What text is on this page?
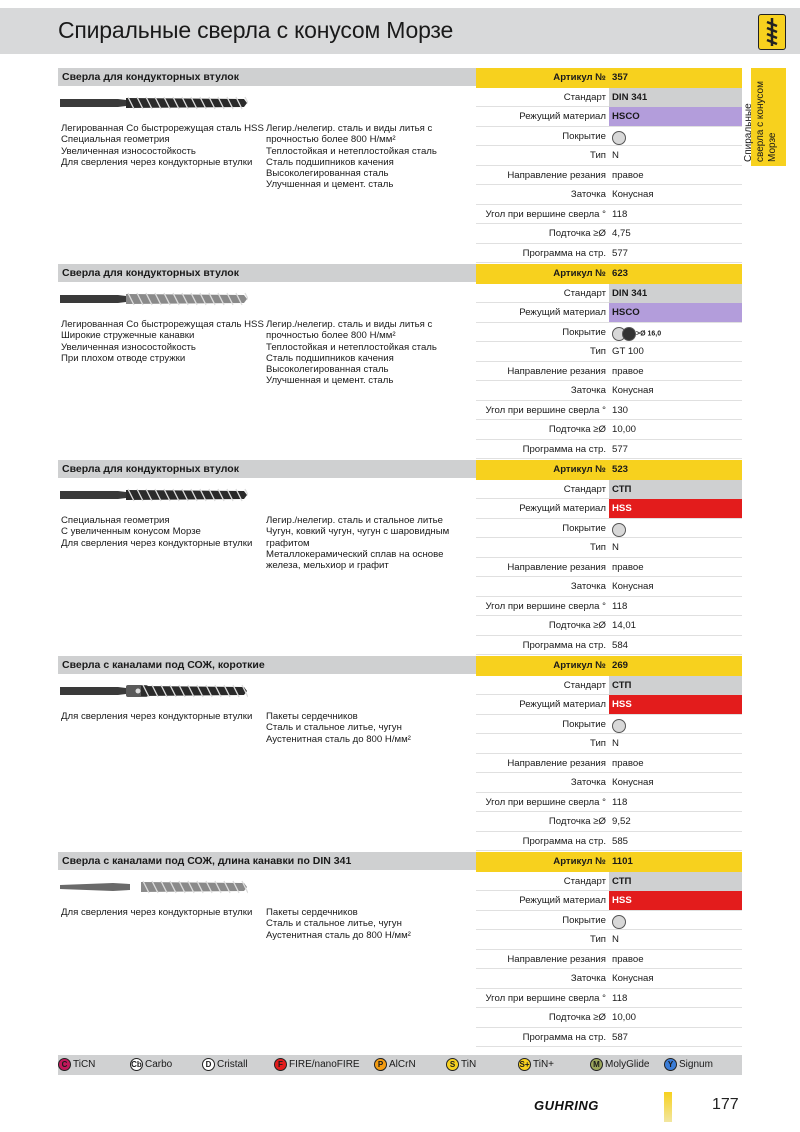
Спиральные сверла с конусом Морзе
Спиральные сверла с конусом Морзе
Сверла для кондукторных втулок
Легированная Co быстрорежущая сталь HSS
Специальная геометрия
Увеличенная износостойкость
Для сверления через кондукторные втулки
Легир./нелегир. сталь и виды литья с
прочностью более 800 Н/мм²
Теплостойкая и нетеплостойкая сталь
Сталь подшипников качения
Высоколегированная сталь
Улучшенная и цемент. сталь
Артикул № 357
Стандарт DIN 341
Режущий материал HSCO
Покрытие
Тип N
Направление резания правое
Заточка Конусная
Угол при вершине сверла ° 118
Подточка ≥Ø 4,75
Программа на стр. 577
Сверла для кондукторных втулок
Легированная Co быстрорежущая сталь HSS
Широкие стружечные канавки
Увеличенная износостойкость
При плохом отводе стружки
Легир./нелегир. сталь и виды литья с
прочностью более 800 Н/мм²
Теплостойкая и нетеплостойкая сталь
Сталь подшипников качения
Высоколегированная сталь
Улучшенная и цемент. сталь
Артикул № 623
Стандарт DIN 341
Режущий материал HSCO
Покрытие	>Ø 16,0
Тип GT 100
Направление резания правое
Заточка Конусная
Угол при вершине сверла ° 130
Подточка ≥Ø 10,00
Программа на стр. 577
Сверла для кондукторных втулок
Специальная геометрия
С увеличенным конусом Морзе
Для сверления через кондукторные втулки
Легир./нелегир. сталь и стальное литье
Чугун, ковкий чугун, чугун с шаровидным
графитом
Металлокерамический сплав на основе
железа, мельхиор и графит
Артикул № 523
Стандарт СТП
Режущий материал HSS
Покрытие
Тип N
Направление резания правое
Заточка Конусная
Угол при вершине сверла ° 118
Подточка ≥Ø 14,01
Программа на стр. 584
Сверла с каналами под СОЖ, короткие
Для сверления через кондукторные втулки	Пакеты сердечников
Сталь и стальное литье, чугун
Аустенитная сталь до 800 Н/мм²
Артикул № 269
Стандарт СТП
Режущий материал HSS
Покрытие
Тип N
Направление резания правое
Заточка Конусная
Угол при вершине сверла ° 118
Подточка ≥Ø 9,52
Программа на стр. 585
Сверла с каналами под СОЖ, длина канавки по DIN 341
Для сверления через кондукторные втулки	Пакеты сердечников
Сталь и стальное литье, чугун
Аустенитная сталь до 800 Н/мм²
Артикул № 1101
Стандарт СТП
Режущий материал HSS
Покрытие
Тип N
Направление резания правое
Заточка Конусная
Угол при вершине сверла ° 118
Подточка ≥Ø 10,00
Программа на стр. 587
C TiCN	Cb Carbo	D Cristall	F FIRE/nanoFIRE	P AlCrN	S TiN	S+ TiN+	M MolyGlide	Y Signum
GUHRING	177
